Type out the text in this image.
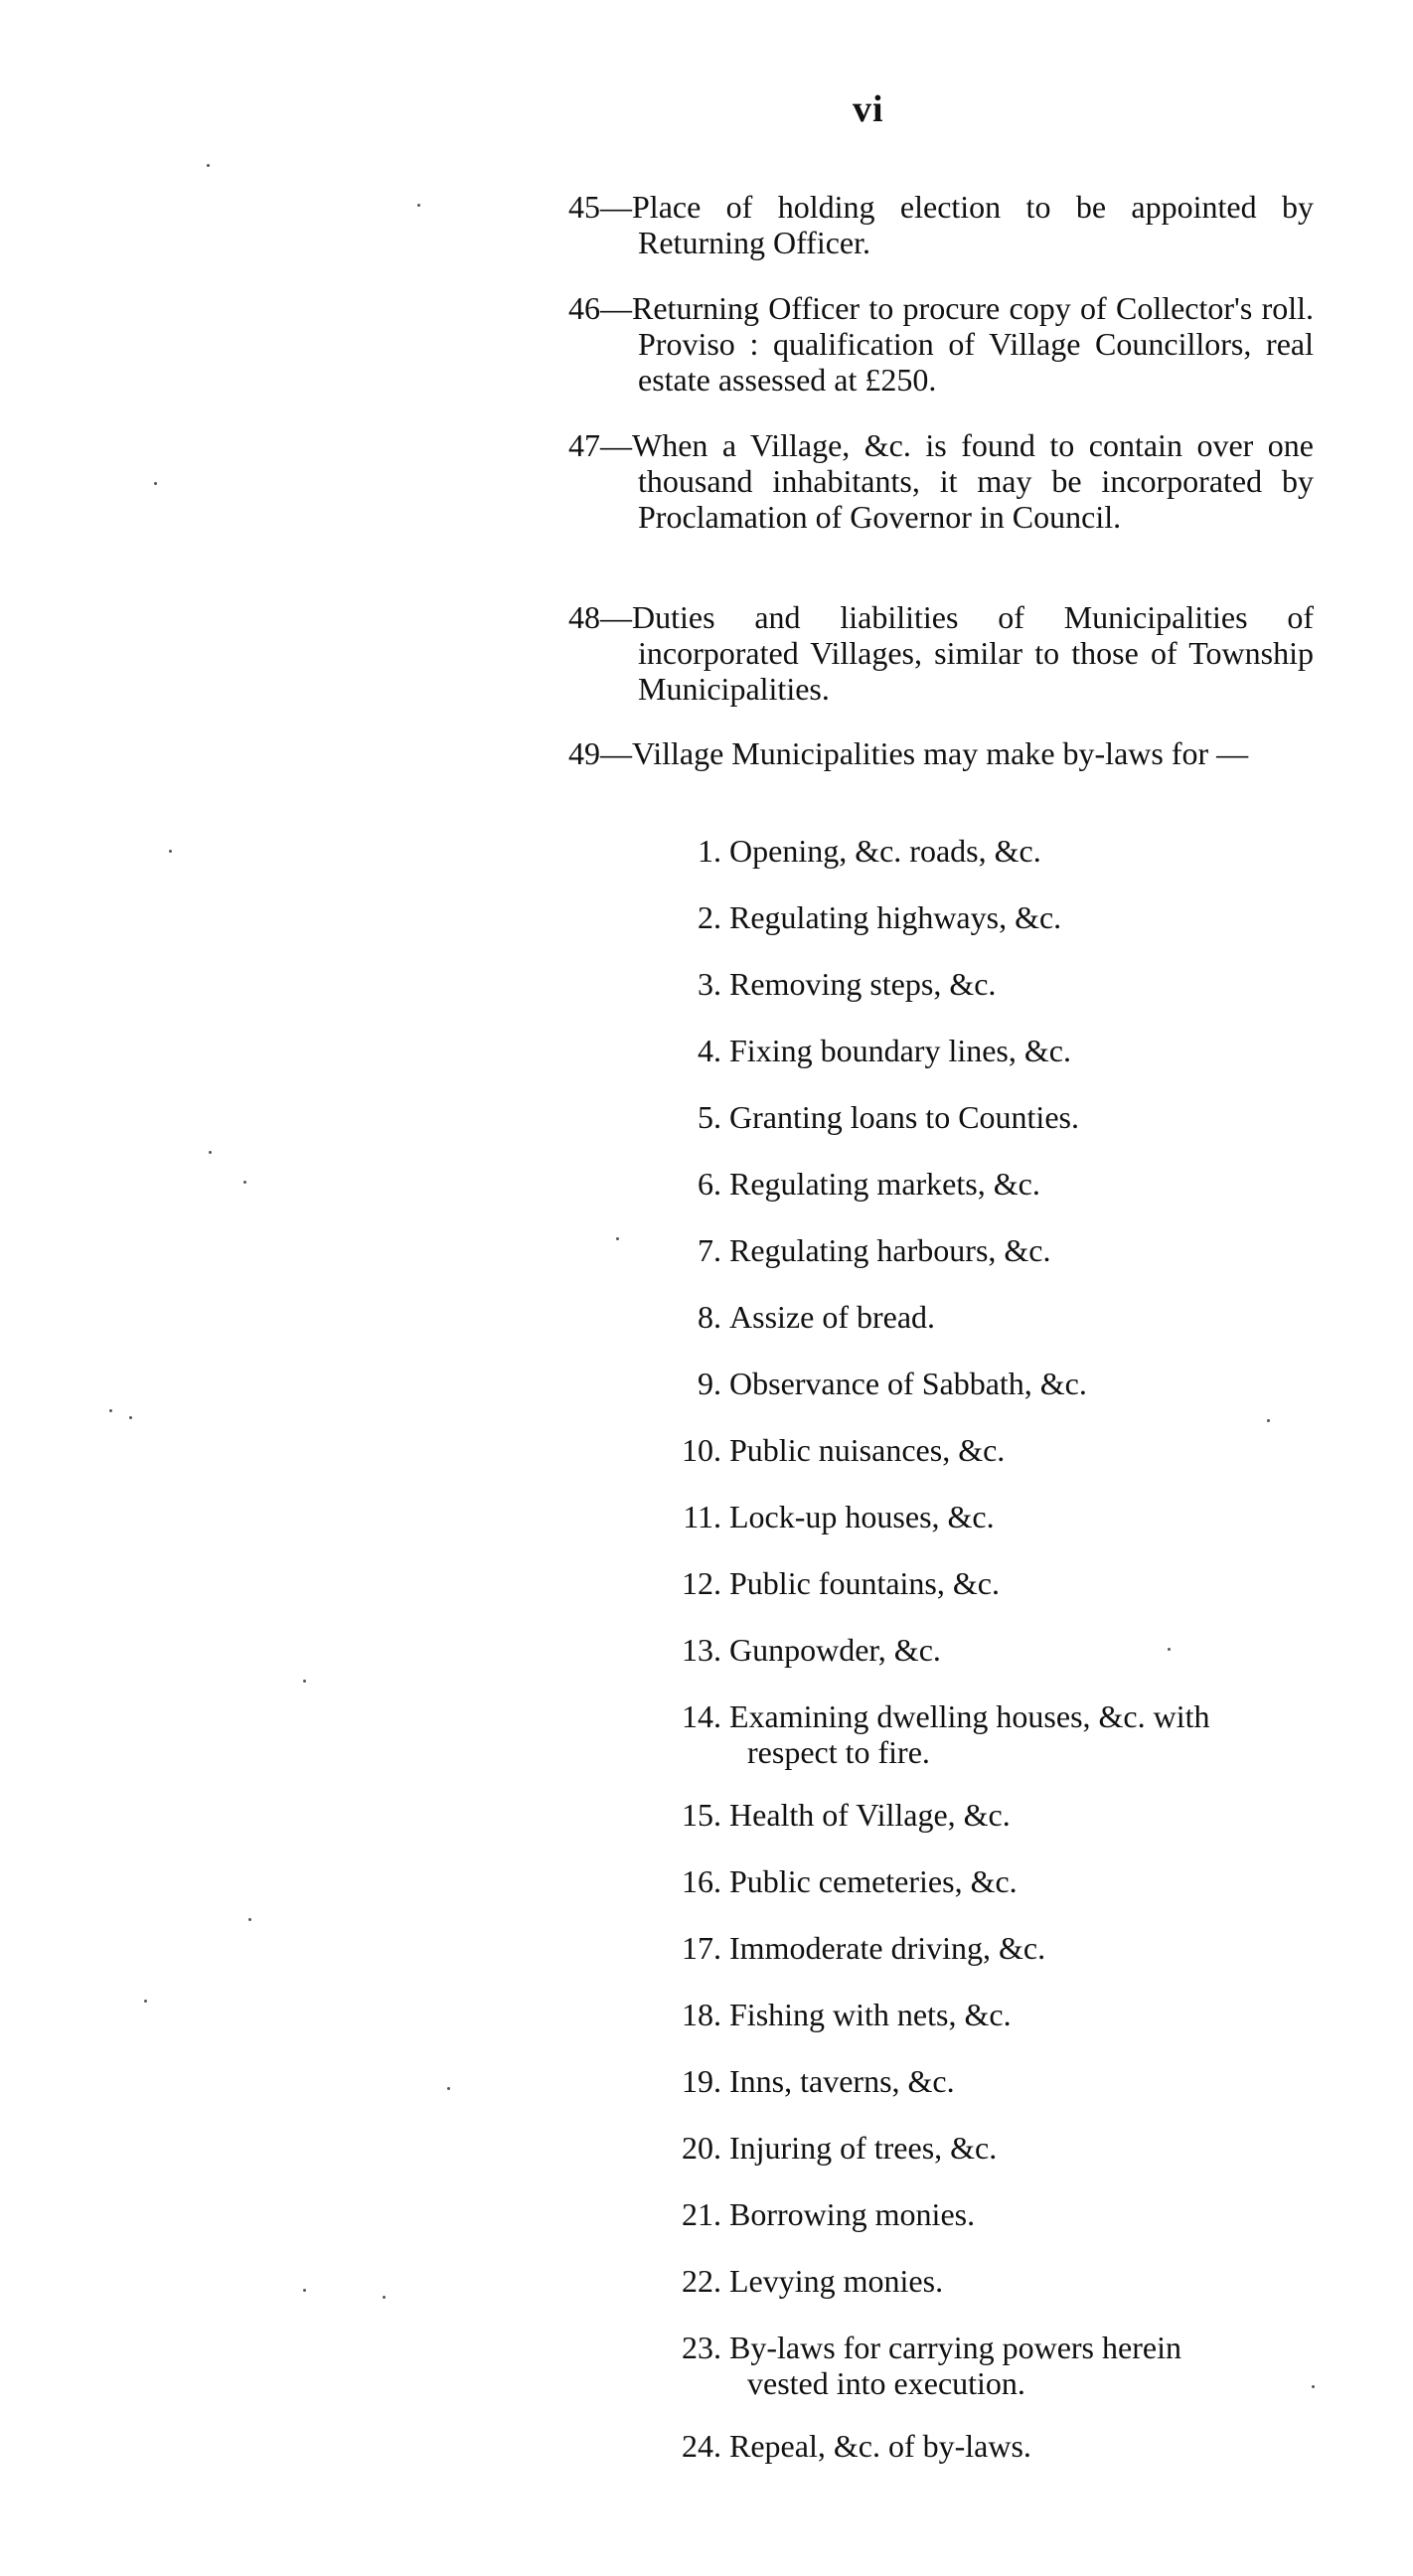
vi
45—Place of holding election to be appointed by Returning Officer.
46—Returning Officer to procure copy of Collector's roll. Proviso : qualification of Village Councillors, real estate assessed at £250.
47—When a Village, &c. is found to contain over one thousand inhabitants, it may be incorporated by Proclamation of Governor in Council.
48—Duties and liabilities of Municipalities of incorporated Villages, similar to those of Township Municipalities.
49—Village Municipalities may make by-laws for —
1. Opening, &c. roads, &c.
2. Regulating highways, &c.
3. Removing steps, &c.
4. Fixing boundary lines, &c.
5. Granting loans to Counties.
6. Regulating markets, &c.
7. Regulating harbours, &c.
8. Assize of bread.
9. Observance of Sabbath, &c.
10. Public nuisances, &c.
11. Lock-up houses, &c.
12. Public fountains, &c.
13. Gunpowder, &c.
14. Examining dwelling houses, &c. with
respect to fire.
15. Health of Village, &c.
16. Public cemeteries, &c.
17. Immoderate driving, &c.
18. Fishing with nets, &c.
19. Inns, taverns, &c.
20. Injuring of trees, &c.
21. Borrowing monies.
22. Levying monies.
23. By-laws for carrying powers herein
vested into execution.
24. Repeal, &c. of by-laws.
